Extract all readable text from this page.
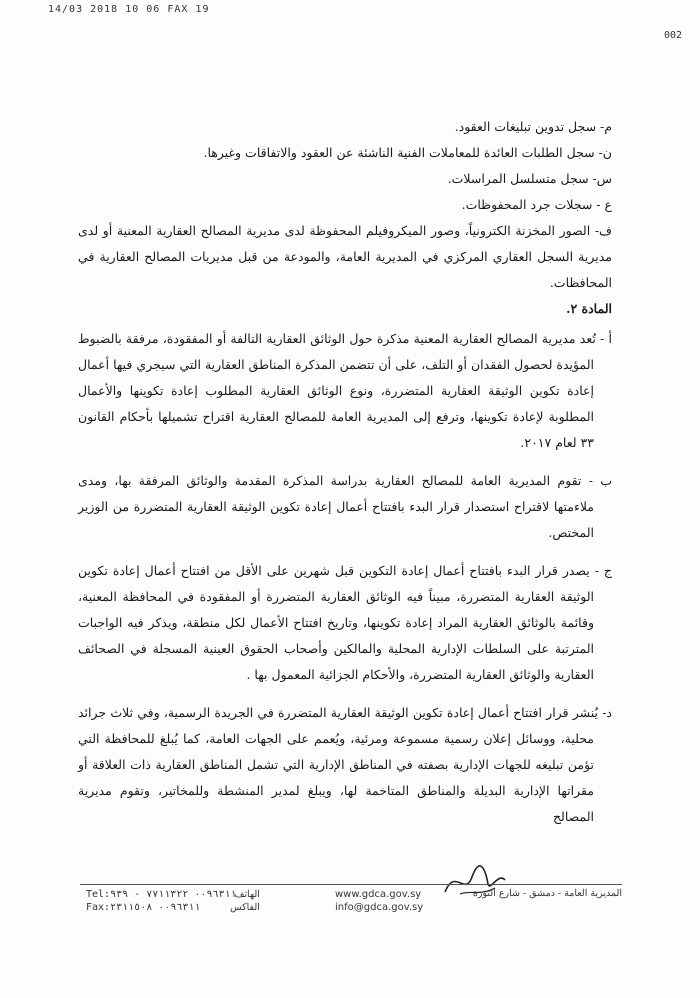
14/03 2018 10 06 FAX 19
002

م- سجل تدوين تبليغات العقود.

ن- سجل الطلبات العائدة للمعاملات الفنية الناشئة عن العقود والاتفاقات وغيرها.

س- سجل متسلسل المراسلات.

ع - سجلات جرد المحفوظات.

ف- الصور المخزنة الكترونياً، وصور الميكروفيلم المحفوظة لدى مديرية المصالح العقارية المعنية أو لدى مديرية السجل العقاري المركزي في المديرية العامة، والمودعة من قبل مديريات المصالح العقارية في المحافظات.

المادة ٢.

أ - تُعد مديرية المصالح العقارية المعنية مذكرة حول الوثائق العقارية التالفة أو المفقودة، مرفقة بالضبوط المؤيدة لحصول الفقدان أو التلف، على أن تتضمن المذكرة المناطق العقارية التي سيجري فيها أعمال إعادة تكوين الوثيقة العقارية المتضررة، ونوع الوثائق العقارية المطلوب إعادة تكوينها والأعمال المطلوبة لإعادة تكوينها، وترفع إلى المديرية العامة للمصالح العقارية اقتراح تشميلها بأحكام القانون ٣٣ لعام ٢٠١٧.

ب - تقوم المديرية العامة للمصالح العقارية بدراسة المذكرة المقدمة والوثائق المرفقة بها، ومدى ملاءمتها لاقتراح استصدار قرار البدء بافتتاح أعمال إعادة تكوين الوثيقة العقارية المتضررة من الوزير المختص.

ج - يصدر قرار البدء بافتتاح أعمال إعادة التكوين قبل شهرين على الأقل من افتتاح أعمال إعادة تكوين الوثيقة العقارية المتضررة، مبيناً فيه الوثائق العقارية المتضررة أو المفقودة في المحافظة المعنية، وقائمة بالوثائق العقارية المراد إعادة تكوينها، وتاريخ افتتاح الأعمال لكل منطقة، ويذكر فيه الواجبات المترتبة على السلطات الإدارية المحلية والمالكين وأصحاب الحقوق العينية المسجلة في الصحائف العقارية والوثائق العقارية المتضررة، والأحكام الجزائية المعمول بها .

د- يُنشر قرار افتتاح أعمال إعادة تكوين الوثيقة العقارية المتضررة في الجريدة الرسمية، وفي ثلاث جرائد محلية، ووسائل إعلان رسمية مسموعة ومرئية، ويُعمم على الجهات العامة، كما يُبلغ للمحافظة التي تؤمن تبليغه للجهات الإدارية بصفته في المناطق الإدارية التي تشمل المناطق العقارية ذات العلاقة أو مقراتها الإدارية البديلة والمناطق المتاخمة لها، ويبلغ لمدير المنشطة وللمخاتير، وتقوم مديرية المصالح

المديرية العامة - دمشق - شارع الثورة
www.gdca.gov.sy
info@gdca.gov.sy
الهاتف
الفاكس
Tel:٠٠٩٦٣١١ ٧٧١١٣٢٢ - ٩٣٩
Fax:٠٠٩٦٣١١ ٢٣١١٥٠٨
